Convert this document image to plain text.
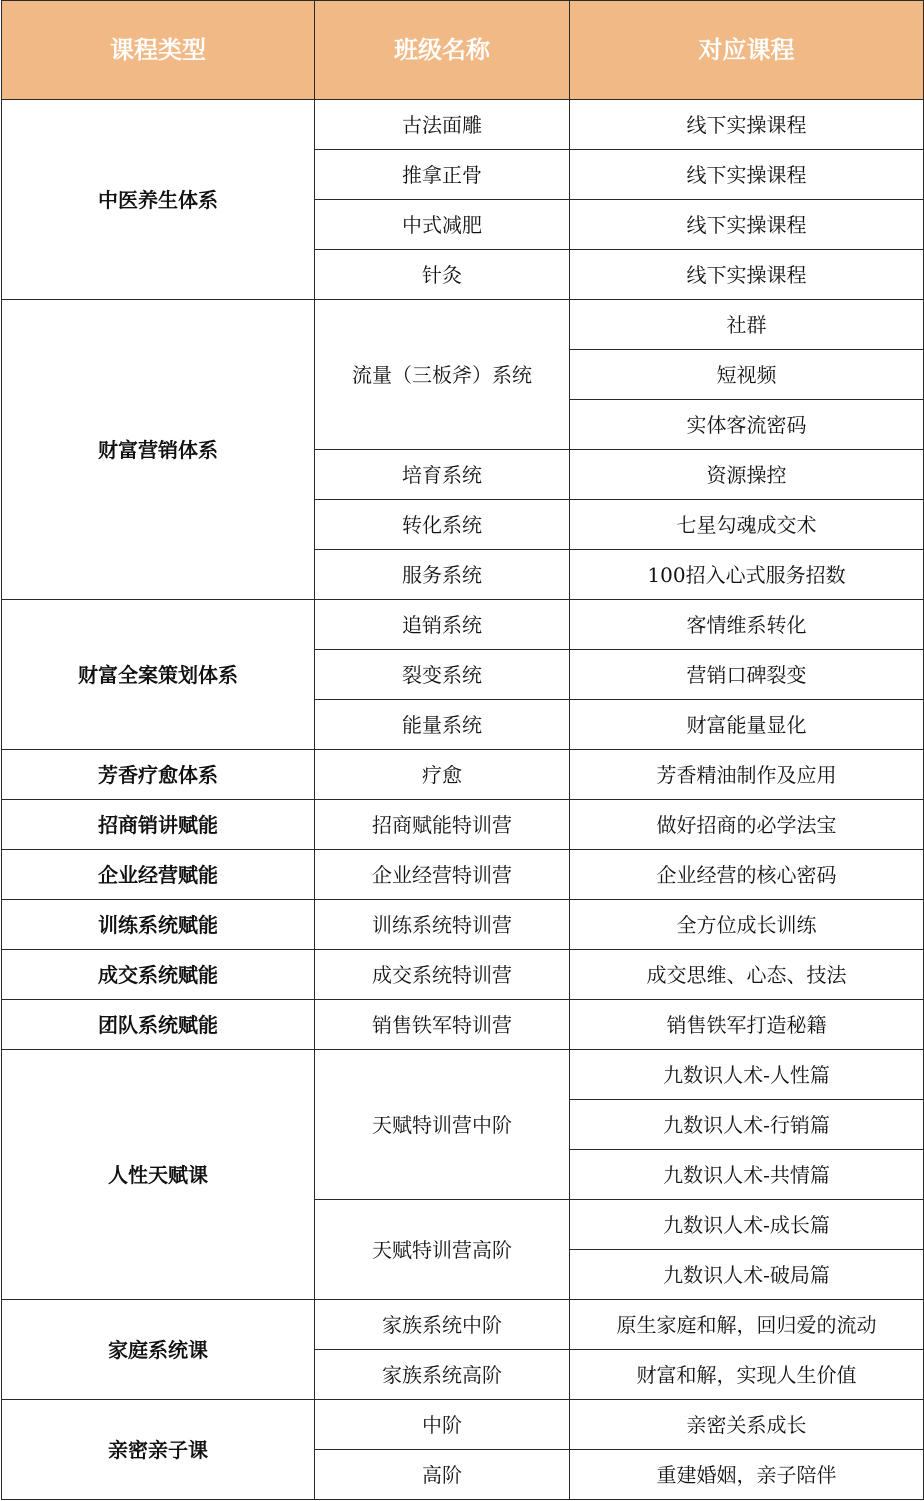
课程类型	班级名称	对应课程
中医养生体系	古法面雕	线下实操课程
	推拿正骨	线下实操课程
	中式减肥	线下实操课程
	针灸	线下实操课程
财富营销体系	流量（三板斧）系统	社群
		短视频
		实体客流密码
	培育系统	资源操控
	转化系统	七星勾魂成交术
	服务系统	100招入心式服务招数
财富全案策划体系	追销系统	客情维系转化
	裂变系统	营销口碑裂变
	能量系统	财富能量显化
芳香疗愈体系	疗愈	芳香精油制作及应用
招商销讲赋能	招商赋能特训营	做好招商的必学法宝
企业经营赋能	企业经营特训营	企业经营的核心密码
训练系统赋能	训练系统特训营	全方位成长训练
成交系统赋能	成交系统特训营	成交思维、心态、技法
团队系统赋能	销售铁军特训营	销售铁军打造秘籍
人性天赋课	天赋特训营中阶	九数识人术-人性篇
		九数识人术-行销篇
		九数识人术-共情篇
	天赋特训营高阶	九数识人术-成长篇
		九数识人术-破局篇
家庭系统课	家族系统中阶	原生家庭和解，回归爱的流动
	家族系统高阶	财富和解，实现人生价值
亲密亲子课	中阶	亲密关系成长
	高阶	重建婚姻，亲子陪伴
